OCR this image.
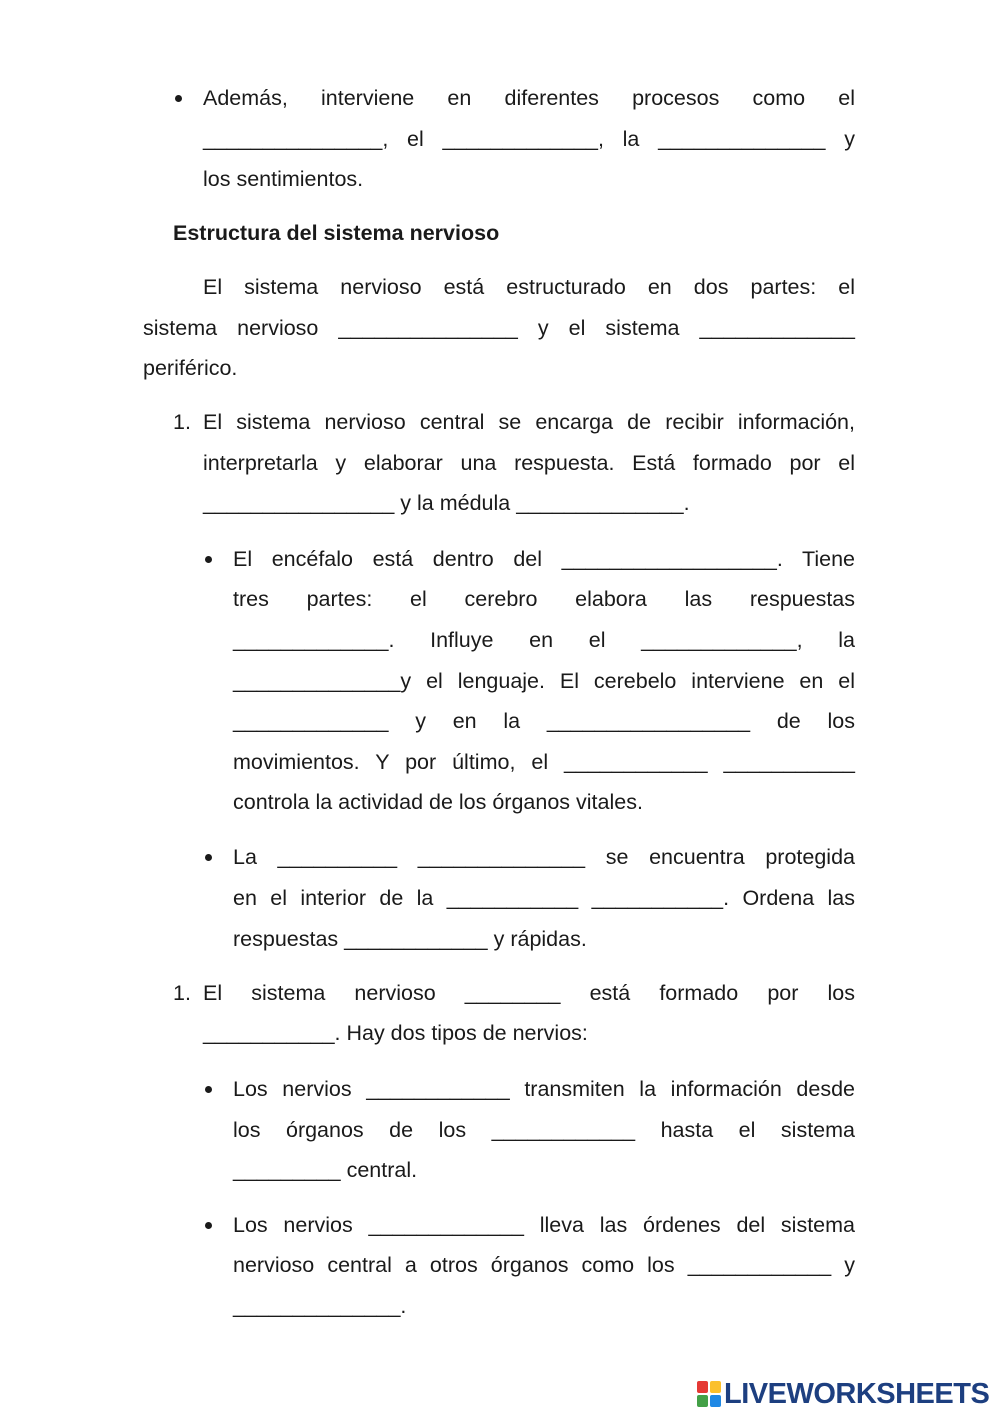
Además, interviene en diferentes procesos como el
_______________, el _____________, la ______________ y
los sentimientos.
Estructura del sistema nervioso
El sistema nervioso está estructurado en dos partes: el
sistema nervioso _______________ y el sistema _____________
periférico.
1. El sistema nervioso central se encarga de recibir información,
interpretarla y elaborar una respuesta. Está formado por el
________________ y la médula ______________.
El encéfalo está dentro del __________________. Tiene
tres partes: el cerebro elabora las respuestas
_____________. Influye en el _____________, la
______________y el lenguaje. El cerebelo interviene en el
_____________ y en la _________________ de los
movimientos. Y por último, el ____________ ___________
controla la actividad de los órganos vitales.
La __________ ______________ se encuentra protegida
en el interior de la ___________ ___________. Ordena las
respuestas ____________ y rápidas.
1. El sistema nervioso ________ está formado por los
___________. Hay dos tipos de nervios:
Los nervios ____________ transmiten la información desde
los órganos de los ____________ hasta el sistema
_________ central.
Los nervios _____________ lleva las órdenes del sistema
nervioso central a otros órganos como los ____________ y
______________.
LIVEWORKSHEETS
